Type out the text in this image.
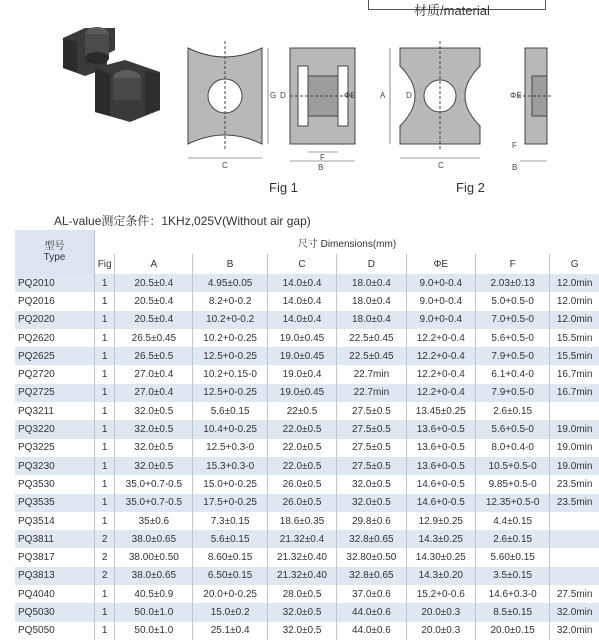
材质/material
C
G D	ΦE
F
B
A	D
C
ΦE
F
B
Fig 1	Fig 2
AL-value测定条件：1KHz,025V(Without air gap)
型号
Type	尺寸 Dimensions(mm)							
	Fig	A	B	C	D	ΦE	F	G
PQ2010	1	20.5±0.4	4.95±0.05	14.0±0.4	18.0±0.4	9.0+0-0.4	2.03±0.13	12.0min
PQ2016	1	20.5±0.4	8.2+0-0.2	14.0±0.4	18.0±0.4	9.0+0-0.4	5.0+0.5-0	12.0min
PQ2020	1	20.5±0.4	10.2+0-0.2	14.0±0.4	18.0±0.4	9.0+0-0.4	7.0+0.5-0	12.0min
PQ2620	1	26.5±0.45	10.2+0-0.25	19.0±0.45	22.5±0.45	12.2+0-0.4	5.6+0.5-0	15.5min
PQ2625	1	26.5±0.5	12.5+0-0.25	19.0±0.45	22.5±0.45	12.2+0-0.4	7.9+0.5-0	15.5min
PQ2720	1	27.0±0.4	10.2+0.15-0	19.0±0.4	22.7min	12.2+0-0.4	6.1+0.4-0	16.7min
PQ2725	1	27.0±0.4	12.5+0-0.25	19.0±0.45	22.7min	12.2+0-0.4	7.9+0.5-0	16.7min
PQ3211	1	32.0±0.5	5.6±0.15	22±0.5	27.5±0.5	13.45±0.25	2.6±0.15	
PQ3220	1	32.0±0.5	10.4+0-0.25	22.0±0.5	27.5±0.5	13.6+0-0.5	5.6+0.5-0	19.0min
PQ3225	1	32.0±0.5	12.5+0.3-0	22.0±0.5	27.5±0.5	13.6+0-0.5	8.0+0.4-0	19.0min
PQ3230	1	32.0±0.5	15.3+0.3-0	22.0±0.5	27.5±0.5	13.6+0-0.5	10.5+0.5-0	19.0min
PQ3530	1	35.0+0.7-0.5	15.0+0-0.25	26.0±0.5	32.0±0.5	14.6+0-0.5	9.85+0.5-0	23.5min
PQ3535	1	35.0+0.7-0.5	17.5+0-0.25	26.0±0.5	32.0±0.5	14.6+0-0.5	12.35+0.5-0	23.5min
PQ3514	1	35±0.6	7.3±0.15	18.6±0.35	29.8±0.6	12.9±0.25	4.4±0.15	
PQ3811	2	38.0±0.65	5.6±0.15	21.32±0.4	32.8±0.65	14.3±0.25	2.6±0.15	
PQ3817	2	38.00±0.50	8.60±0.15	21.32±0.40	32.80±0.50	14.30±0.25	5.60±0.15	
PQ3813	2	38.0±0.65	6.50±0.15	21.32±0.40	32.8±0.65	14.3±0.20	3.5±0.15	
PQ4040	1	40.5±0.9	20.0+0-0.25	28.0±0.5	37.0±0.6	15.2+0-0.6	14.6+0.3-0	27.5min
PQ5030	1	50.0±1.0	15.0±0.2	32.0±0.5	44.0±0.6	20.0±0.3	8.5±0.15	32.0min
PQ5050	1	50.0±1.0	25.1±0.4	32.0±0.5	44.0±0.6	20.0±0.3	20.0±0.15	32.0min
